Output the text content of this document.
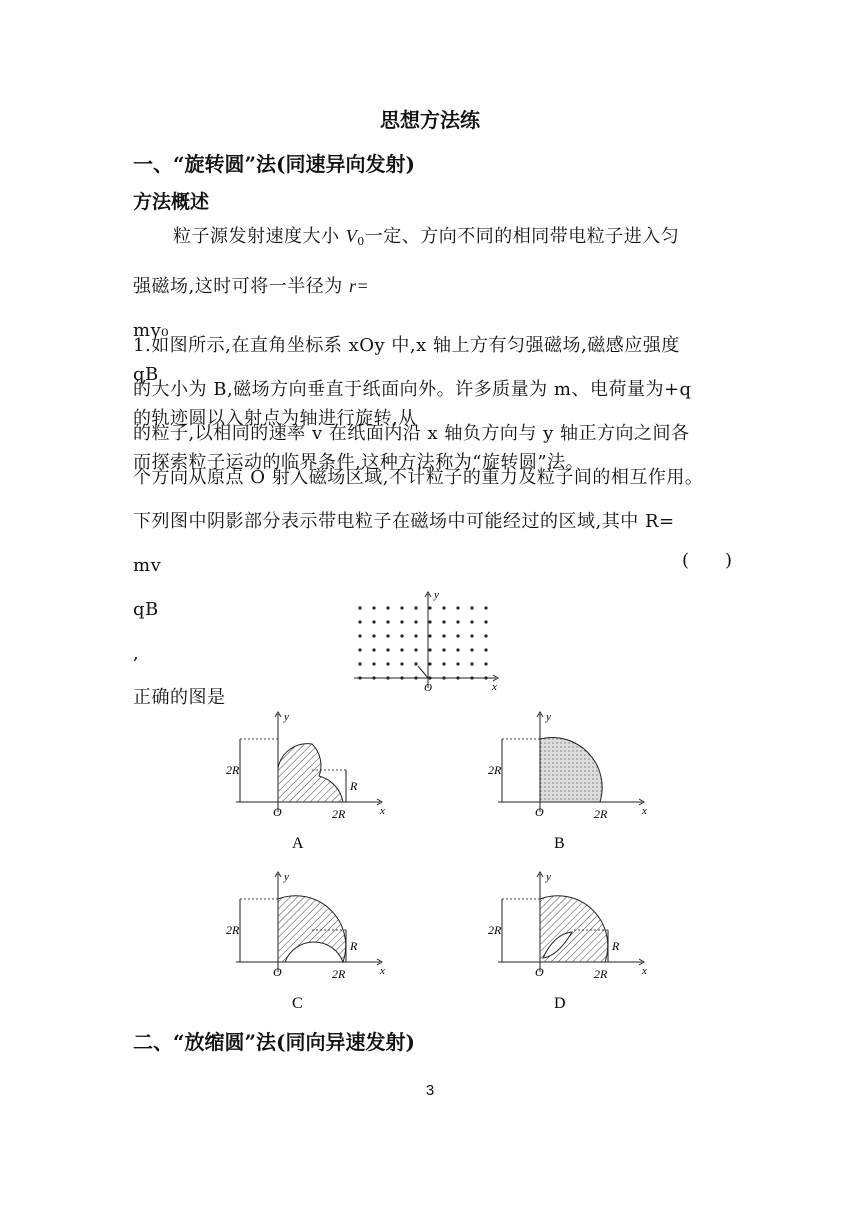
思想方法练
一、“旋转圆”法(同速异向发射)
方法概述

粒子源发射速度大小 $V_0$一定、方向不同的相同带电粒子进入匀

强磁场,这时可将一半径为 r=

mv₀
qB
的轨迹圆以入射点为轴进行旋转,从

而探索粒子运动的临界条件,这种方法称为“旋转圆”法。

1.如图所示,在直角坐标系 xOy 中,x 轴上方有匀强磁场,磁感应强度

的大小为 B,磁场方向垂直于纸面向外。许多质量为 m、电荷量为+q

的粒子,以相同的速率 v 在纸面内沿 x 轴负方向与 y 轴正方向之间各

个方向从原点 O 射入磁场区域,不计粒子的重力及粒子间的相互作用。

下列图中阴影部分表示带电粒子在磁场中可能经过的区域,其中 R=

mv
qB
,

正确的图是

(　　)
y
x
O
y
x
O	2R
2R
R
A
y
x
O	2R
2R
B
y
x
O	2R
2R
R
C
y
x
O	2R
2R
R
D
3
二、“放缩圆”法(同向异速发射)
